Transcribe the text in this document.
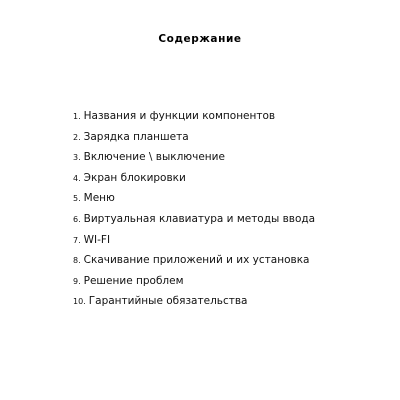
Содержание
1. Названия и функции компонентов
2. Зарядка планшета
3. Включение \ выключение
4. Экран блокировки
5. Меню
6. Виртуальная клавиатура и методы ввода
7. WI-FI
8. Скачивание приложений и их установка
9. Решение проблем
10. Гарантийные обязательства
